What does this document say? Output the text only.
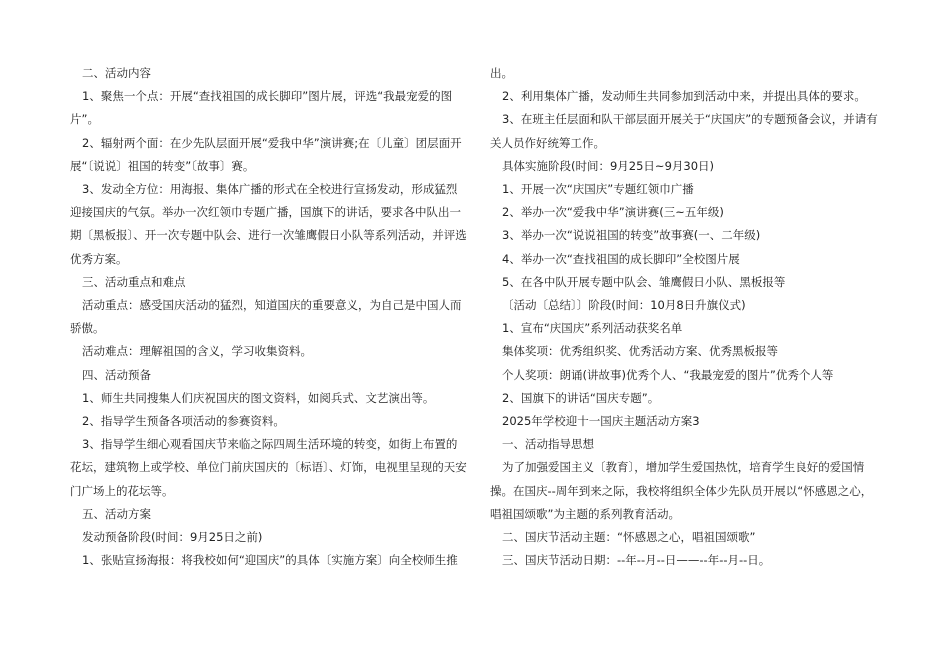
二、活动内容

1、聚焦一个点：开展“查找祖国的成长脚印”图片展，评选“我最宠爱的图片”。

2、辐射两个面：在少先队层面开展“爱我中华”演讲赛;在〔儿童〕团层面开展“〔说说〕祖国的转变”〔故事〕赛。

3、发动全方位：用海报、集体广播的形式在全校进行宣扬发动，形成猛烈迎接国庆的气氛。举办一次红领巾专题广播，国旗下的讲话，要求各中队出一期〔黑板报〕、开一次专题中队会、进行一次雏鹰假日小队等系列活动，并评选优秀方案。

三、活动重点和难点

活动重点：感受国庆活动的猛烈，知道国庆的重要意义，为自己是中国人而骄傲。

活动难点：理解祖国的含义，学习收集资料。

四、活动预备

1、师生共同搜集人们庆祝国庆的图文资料，如阅兵式、文艺演出等。

2、指导学生预备各项活动的参赛资料。

3、指导学生细心观看国庆节来临之际四周生活环境的转变，如街上布置的花坛，建筑物上或学校、单位门前庆国庆的〔标语〕、灯饰，电视里呈现的天安门广场上的花坛等。

五、活动方案

发动预备阶段(时间：9月25日之前)

1、张贴宣扬海报：将我校如何“迎国庆”的具体〔实施方案〕向全校师生推

出。

2、利用集体广播，发动师生共同参加到活动中来，并提出具体的要求。

3、在班主任层面和队干部层面开展关于“庆国庆”的专题预备会议，并请有关人员作好统筹工作。

具体实施阶段(时间：9月25日~9月30日)

1、开展一次“庆国庆”专题红领巾广播

2、举办一次“爱我中华”演讲赛(三~五年级)

3、举办一次“说说祖国的转变”故事赛(一、二年级)

4、举办一次“查找祖国的成长脚印”全校图片展

5、在各中队开展专题中队会、雏鹰假日小队、黑板报等

〔活动〔总结〕〕阶段(时间：10月8日升旗仪式)

1、宣布“庆国庆”系列活动获奖名单

集体奖项：优秀组织奖、优秀活动方案、优秀黑板报等

个人奖项：朗诵(讲故事)优秀个人、“我最宠爱的图片”优秀个人等

2、国旗下的讲话“国庆专题”。

2025年学校迎十一国庆主题活动方案3

一、活动指导思想

为了加强爱国主义〔教育〕，增加学生爱国热忱，培育学生良好的爱国情操。在国庆--周年到来之际，我校将组织全体少先队员开展以“怀感恩之心，唱祖国颂歌”为主题的系列教育活动。

二、国庆节活动主题：“怀感恩之心，唱祖国颂歌”

三、国庆节活动日期：--年--月--日——--年--月--日。
